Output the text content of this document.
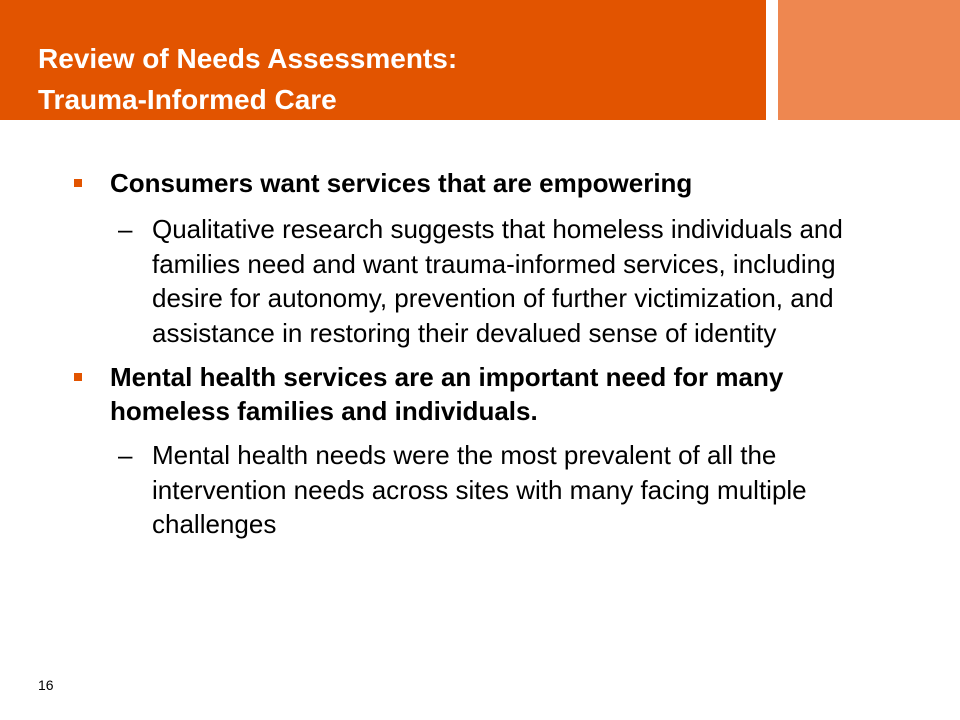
Review of Needs Assessments:
Trauma-Informed Care
Consumers want services that are empowering
– Qualitative research suggests that homeless individuals and families need and want trauma-informed services, including desire for autonomy, prevention of further victimization, and assistance in restoring their devalued sense of identity
Mental health services are an important need for many homeless families and individuals.
– Mental health needs were the most prevalent of all the intervention needs across sites with many facing multiple challenges
16
